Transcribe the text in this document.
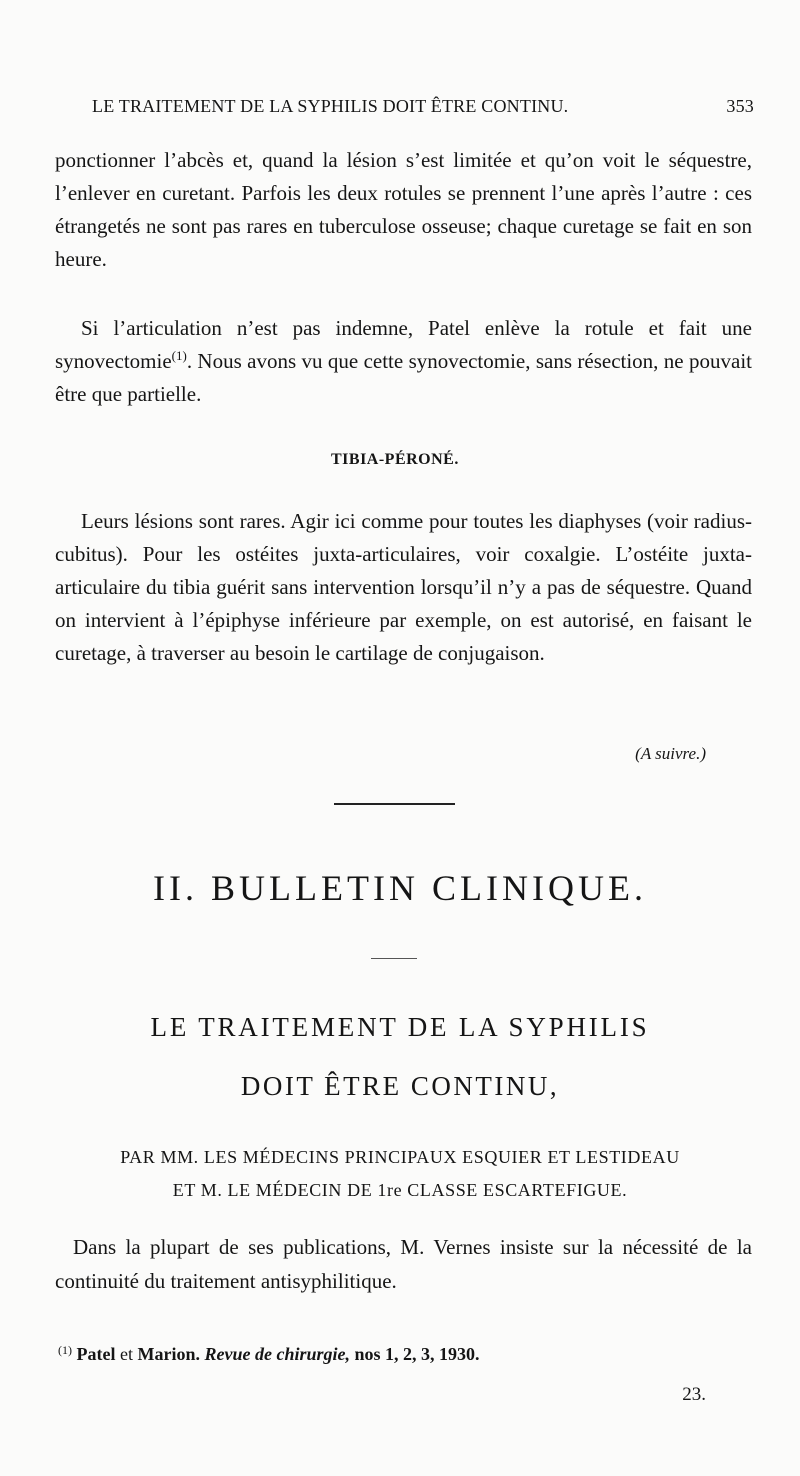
LE TRAITEMENT DE LA SYPHILIS DOIT ÊTRE CONTINU.	353

ponctionner l’abcès et, quand la lésion s’est limitée et qu’on voit le séquestre, l’enlever en curetant. Parfois les deux rotules se prennent l’une après l’autre : ces étrangetés ne sont pas rares en tuberculose osseuse; chaque curetage se fait en son heure.

Si l’articulation n’est pas indemne, Patel enlève la rotule et fait une synovectomie$^{(1)}$. Nous avons vu que cette synovectomie, sans résection, ne pouvait être que partielle.

TIBIA-PÉRONÉ.

Leurs lésions sont rares. Agir ici comme pour toutes les diaphyses (voir radius-cubitus). Pour les ostéites juxta-articulaires, voir coxalgie. L’ostéite juxta-articulaire du tibia guérit sans intervention lorsqu’il n’y a pas de séquestre. Quand on intervient à l’épiphyse inférieure par exemple, on est autorisé, en faisant le curetage, à traverser au besoin le cartilage de conjugaison.

(A suivre.)
II. BULLETIN CLINIQUE.
LE TRAITEMENT DE LA SYPHILIS
DOIT ÊTRE CONTINU,
PAR MM. LES MÉDECINS PRINCIPAUX ESQUIER ET LESTIDEAU
ET M. LE MÉDECIN DE 1re CLASSE ESCARTEFIGUE.

Dans la plupart de ses publications, M. Vernes insiste sur la nécessité de la continuité du traitement antisyphilitique.

$^{(1)}$ Patel et Marion. Revue de chirurgie, nos 1, 2, 3, 1930.
23.
